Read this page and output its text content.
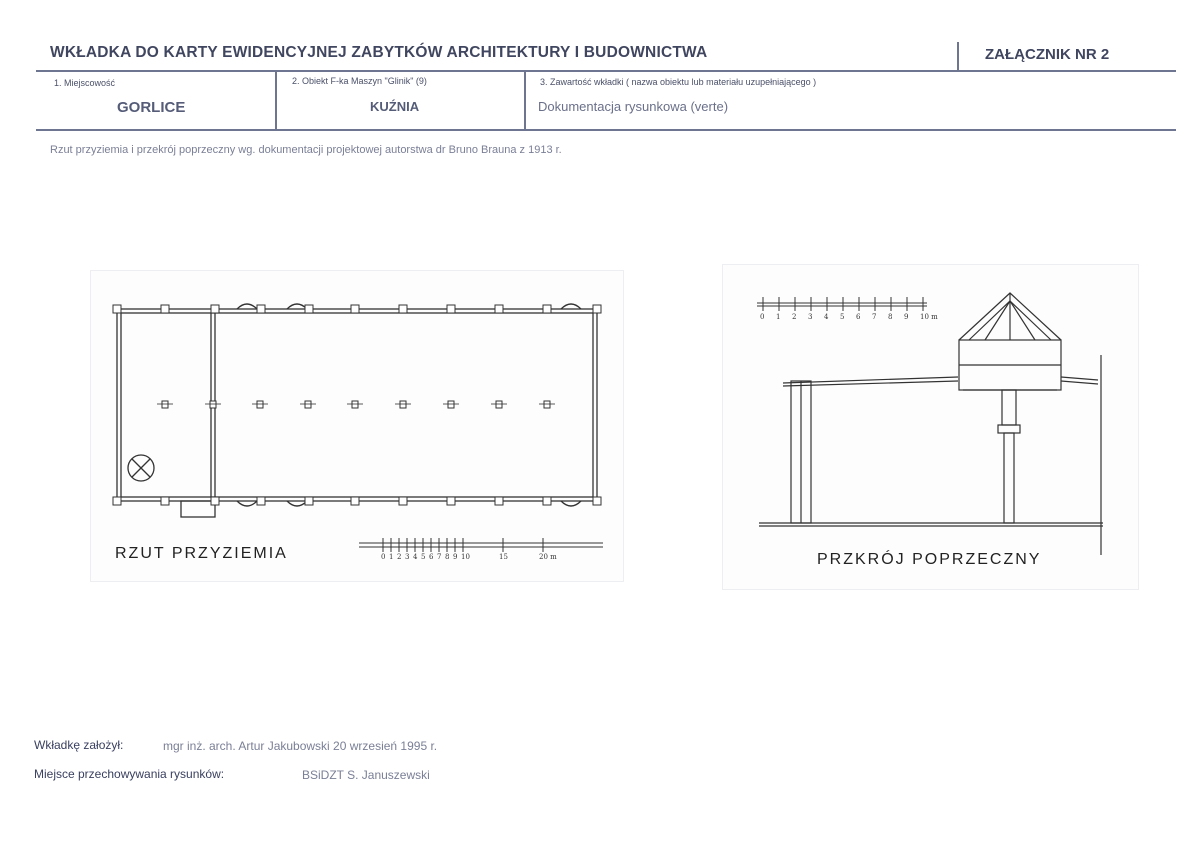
WKŁADKA DO KARTY EWIDENCYJNEJ ZABYTKÓW ARCHITEKTURY I BUDOWNICTWA	ZAŁĄCZNIK NR 2
1. Miejscowość
GORLICE
2. Obiekt F-ka Maszyn "Glinik" (9)
KUŹNIA
3. Zawartość wkładki ( nazwa obiektu lub materiału uzupełniającego )
Dokumentacja rysunkowa (verte)
Rzut przyziemia i przekrój poprzeczny wg. dokumentacji projektowej autorstwa dr Bruno Brauna z 1913 r.
RZUT PRZYZIEMIA	0 1 2 3 4 5 6 7 8 9 10	15	20 m
0 1 2 3 4 5 6 7 8 9 10 m
PRZKRÓJ POPRZECZNY
Wkładkę założył:	mgr inż. arch. Artur Jakubowski 20 wrzesień 1995 r.
Miejsce przechowywania rysunków:	BSiDZT S. Januszewski
